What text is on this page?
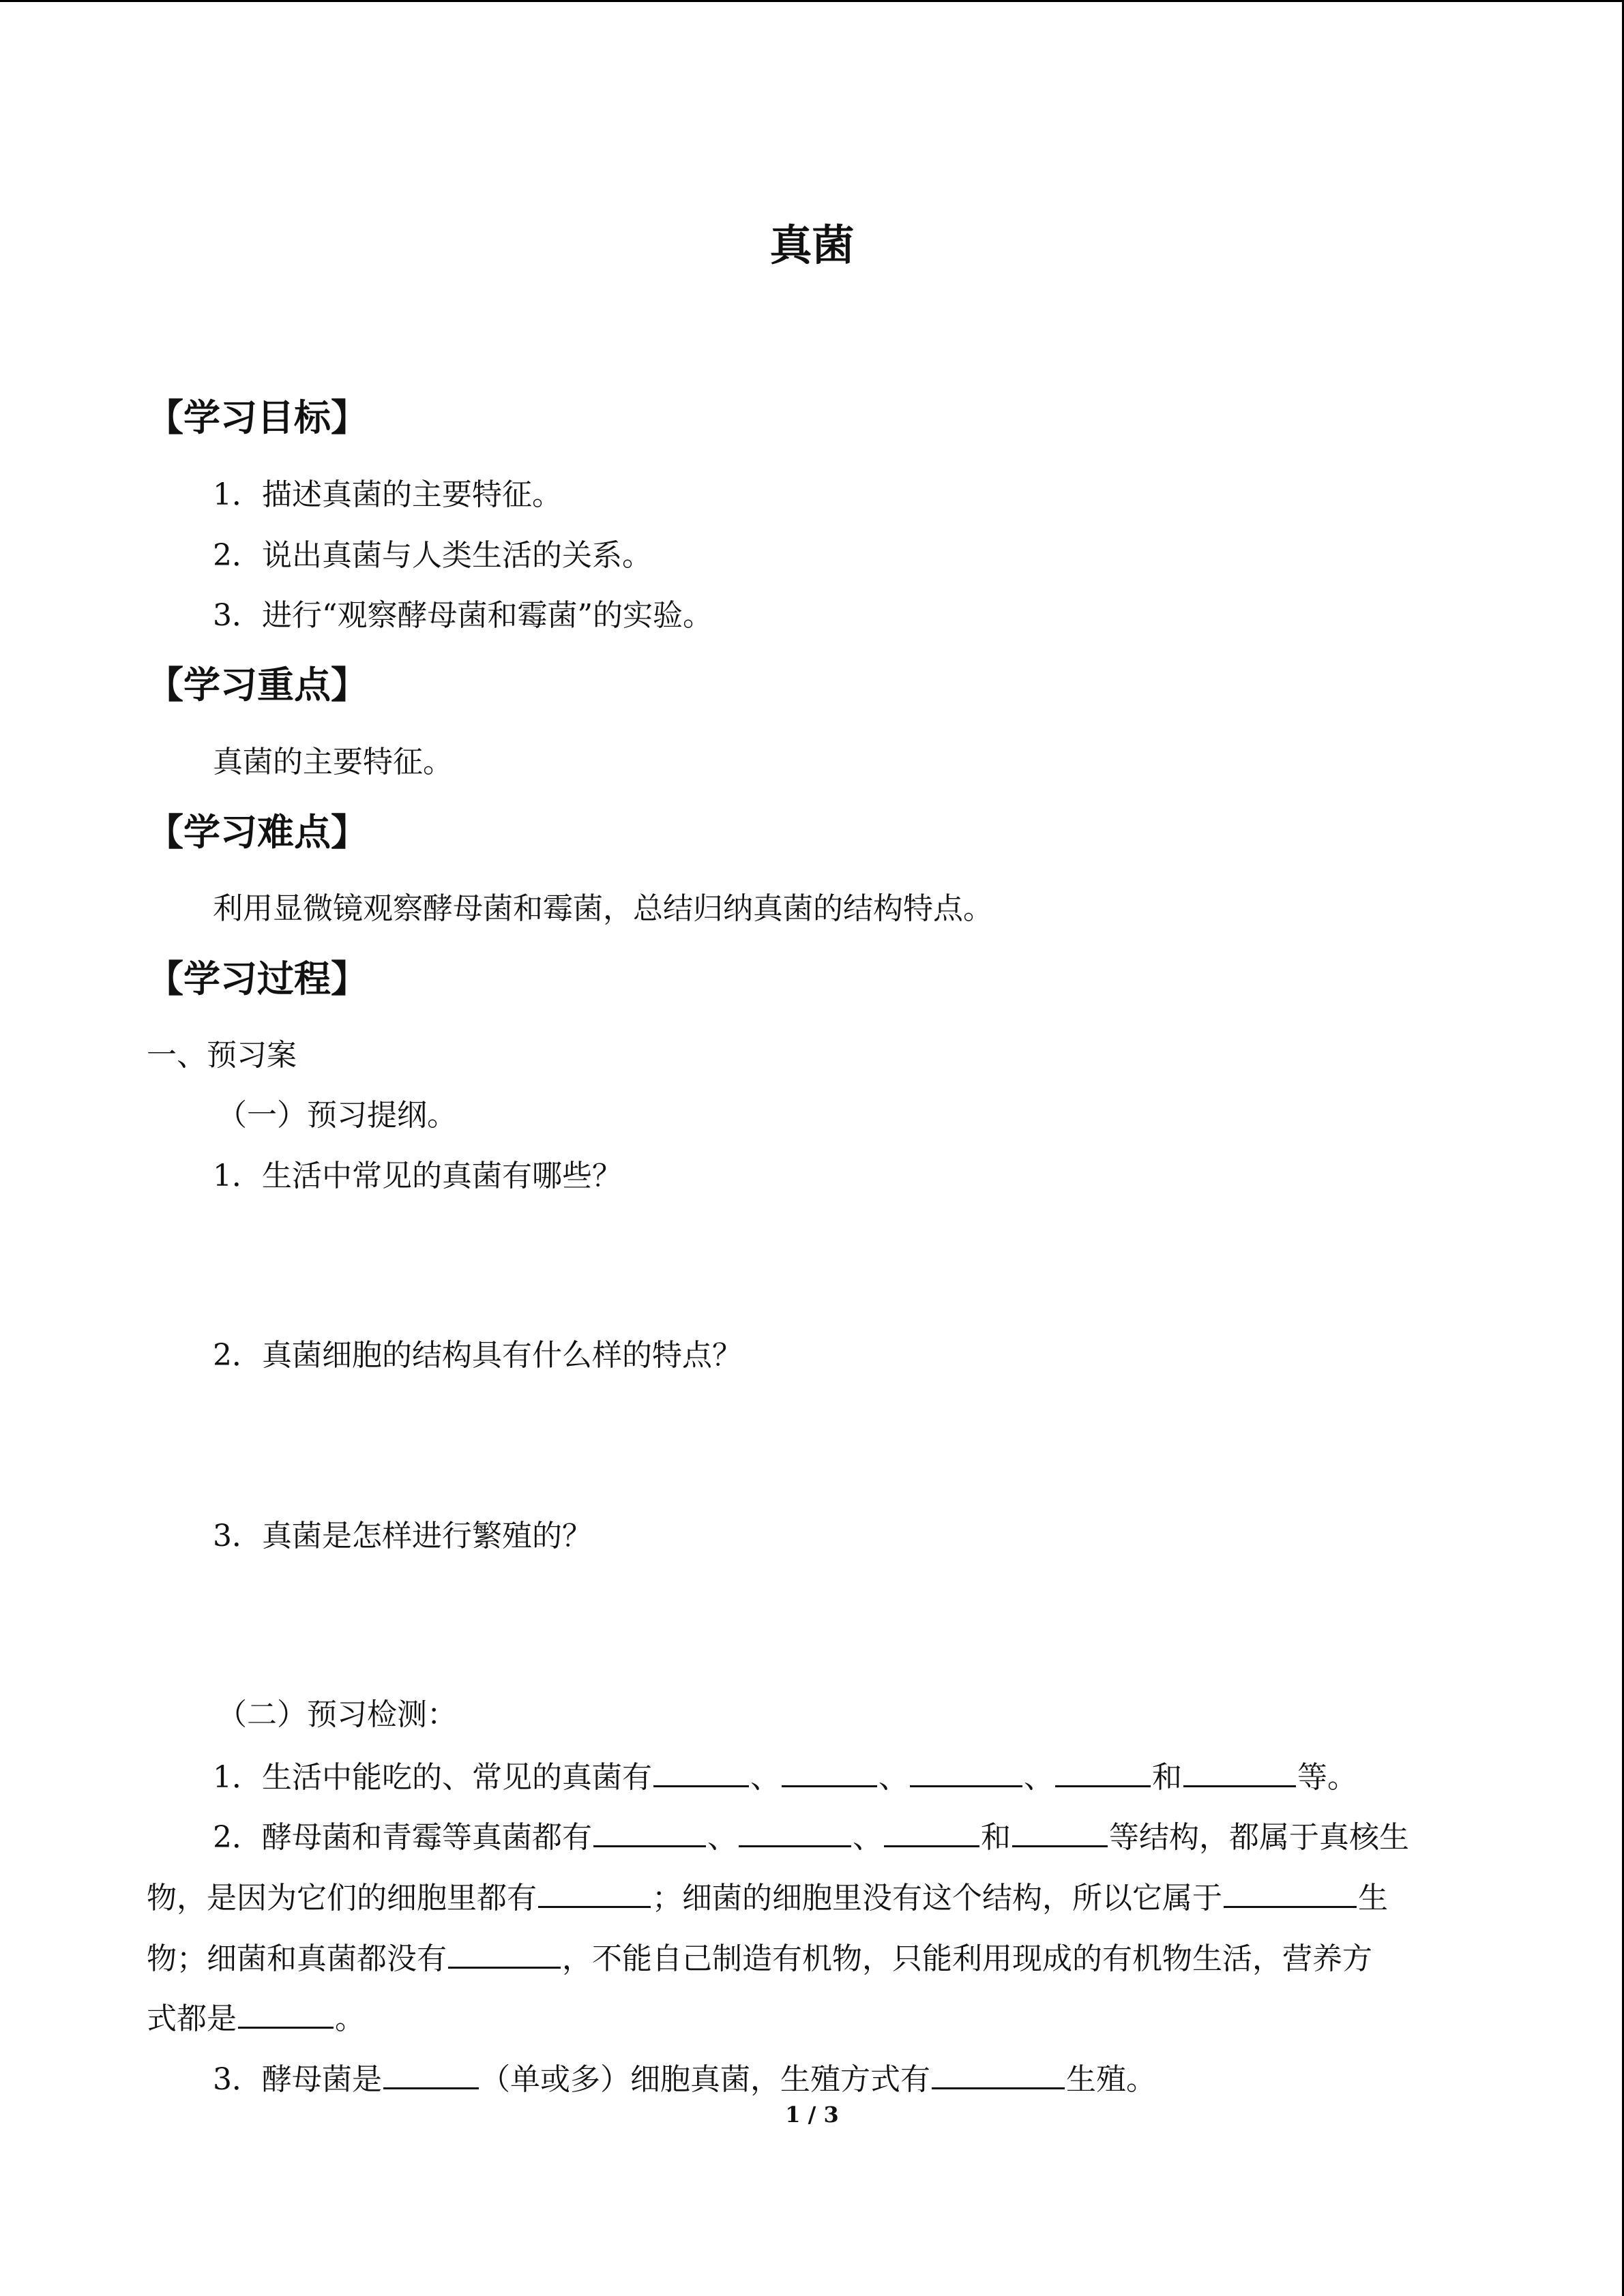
真菌
【学习目标】
1．描述真菌的主要特征。
2．说出真菌与人类生活的关系。
3．进行“观察酵母菌和霉菌”的实验。
【学习重点】
真菌的主要特征。
【学习难点】
利用显微镜观察酵母菌和霉菌，总结归纳真菌的结构特点。
【学习过程】
一、预习案
（一）预习提纲。
1．生活中常见的真菌有哪些？
2．真菌细胞的结构具有什么样的特点？
3．真菌是怎样进行繁殖的？
（二）预习检测：
1．生活中能吃的、常见的真菌有	、	、	、	和	等。
2．酵母菌和青霉等真菌都有	、	、	和	等结构，都属于真核生
物，是因为它们的细胞里都有	；细菌的细胞里没有这个结构，所以它属于	生
物；细菌和真菌都没有	，不能自己制造有机物，只能利用现成的有机物生活，营养方
式都是	。
3．酵母菌是	（单或多）细胞真菌，生殖方式有	生殖。
1 / 3
